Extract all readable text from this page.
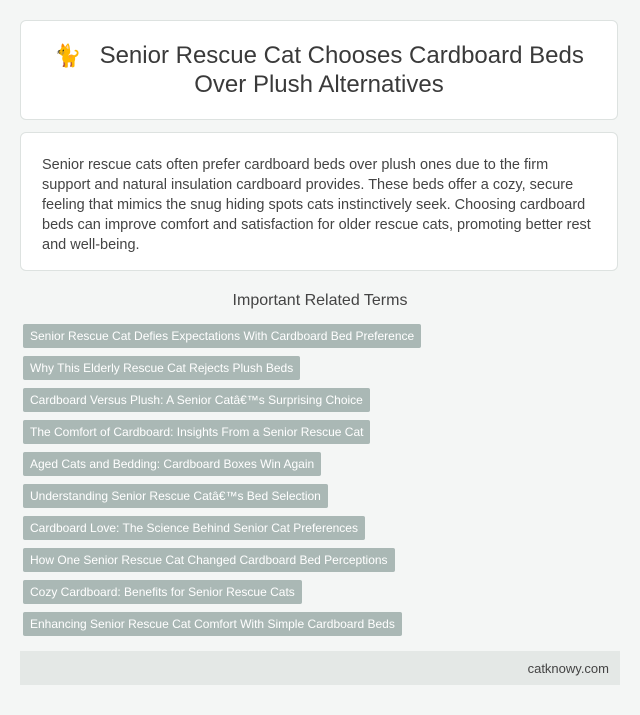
🐈 Senior Rescue Cat Chooses Cardboard Beds Over Plush Alternatives

Senior rescue cats often prefer cardboard beds over plush ones due to the firm support and natural insulation cardboard provides. These beds offer a cozy, secure feeling that mimics the snug hiding spots cats instinctively seek. Choosing cardboard beds can improve comfort and satisfaction for older rescue cats, promoting better rest and well-being.

Important Related Terms
Senior Rescue Cat Defies Expectations With Cardboard Bed Preference
Why This Elderly Rescue Cat Rejects Plush Beds
Cardboard Versus Plush: A Senior Catâ€™s Surprising Choice
The Comfort of Cardboard: Insights From a Senior Rescue Cat
Aged Cats and Bedding: Cardboard Boxes Win Again
Understanding Senior Rescue Catâ€™s Bed Selection
Cardboard Love: The Science Behind Senior Cat Preferences
How One Senior Rescue Cat Changed Cardboard Bed Perceptions
Cozy Cardboard: Benefits for Senior Rescue Cats
Enhancing Senior Rescue Cat Comfort With Simple Cardboard Beds
catknowy.com
